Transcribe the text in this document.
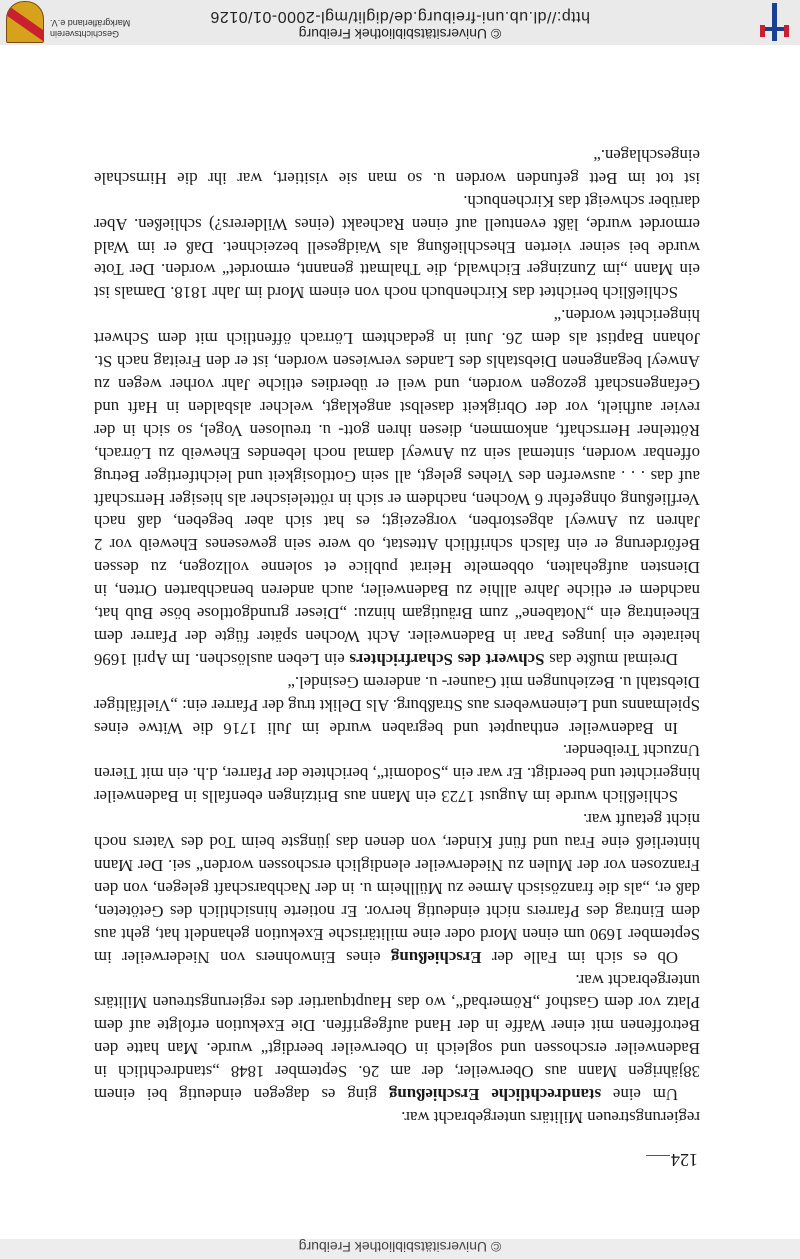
© Universitätsbibliothek Freiburg
http://dl.ub.uni-freiburg.de/diglit/mgl-2000-01/0126
Geschichtsverein
Markgräflerland e.V.
© Universitätsbibliothek Freiburg
124

regierungstreuen Militärs untergebracht war.

Um eine standrechtliche Erschießung ging es dagegen eindeutig bei einem 38jährigen Mann aus Oberweiler, der am 26. September 1848 „standrechtlich in Badenweiler erschossen und sogleich in Oberweiler beerdigt“ wurde. Man hatte den Betroffenen mit einer Waffe in der Hand aufgegriffen. Die Exekution erfolgte auf dem Platz vor dem Gasthof „Römerbad“, wo das Hauptquartier des regierungstreuen Militärs untergebracht war.

Ob es sich im Falle der Erschießung eines Einwohners von Niederweiler im September 1690 um einen Mord oder eine militärische Exekution gehandelt hat, geht aus dem Eintrag des Pfarrers nicht eindeutig hervor. Er notierte hinsichtlich des Getöteten, daß er, „als die französisch Armee zu Müllheim u. in der Nachbarschaft gelegen, von den Franzosen vor der Mulen zu Niederweiler elendiglich erschossen worden“ sei. Der Mann hinterließ eine Frau und fünf Kinder, von denen das jüngste beim Tod des Vaters noch nicht getauft war.

Schließlich wurde im August 1723 ein Mann aus Britzingen ebenfalls in Badenweiler hingerichtet und beerdigt. Er war ein „Sodomit“, berichtete der Pfarrer, d.h. ein mit Tieren Unzucht Treibender.

In Badenweiler enthauptet und begraben wurde im Juli 1716 die Witwe eines Spielmanns und Leinenwebers aus Straßburg. Als Delikt trug der Pfarrer ein: „Vielfältiger Diebstahl u. Beziehungen mit Gauner- u. anderem Gesindel.“

Dreimal mußte das Schwert des Scharfrichters ein Leben auslöschen. Im April 1696 heiratete ein junges Paar in Badenweiler. Acht Wochen später fügte der Pfarrer dem Eheeintrag ein „Notabene“ zum Bräutigam hinzu: „Dieser grundgottlose böse Bub hat, nachdem er etliche Jahre allhie zu Badenweiler, auch anderen benachbarten Orten, in Diensten aufgehalten, obbemelte Heirat publice et solenne vollzogen, zu dessen Beförderung er ein falsch schriftlich Attestat, ob were sein gewesenes Eheweib vor 2 Jahren zu Anweyl abgestorben, vorgezeigt; es hat sich aber begeben, daß nach Verfließung ohngefehr 6 Wochen, nachdem er sich in rötteleischer als hiesiger Herrschaft auf das . . . auswerfen des Viehes gelegt, all sein Gottlosigkeit und leichtfertiger Betrug offenbar worden, sintemal sein zu Anweyl damal noch lebendes Eheweib zu Lörrach, Röttelner Herrschaft, ankommen, diesen ihren gott- u. treulosen Vogel, so sich in der revier aufhielt, vor der Obrigkeit daselbst angeklagt, welcher alsbalden in Haft und Gefangenschaft gezogen worden, und weil er überdies etliche Jahr vorher wegen zu Anweyl begangenen Diebstahls des Landes verwiesen worden, ist er den Freitag nach St. Johann Baptist als dem 26. Juni in gedachtem Lörrach öffentlich mit dem Schwert hingerichtet worden.“

Schließlich berichtet das Kirchenbuch noch von einem Mord im Jahr 1818. Damals ist ein Mann „im Zunzinger Eichwald, die Thalmatt genannt, ermordet“ worden. Der Tote wurde bei seiner vierten Eheschließung als Waidgesell bezeichnet. Daß er im Wald ermordet wurde, läßt eventuell auf einen Racheakt (eines Wilderers?) schließen. Aber darüber schweigt das Kirchenbuch.

ist tot im Bett gefunden worden u. so man sie visitiert, war ihr die Hirnschale eingeschlagen.“
